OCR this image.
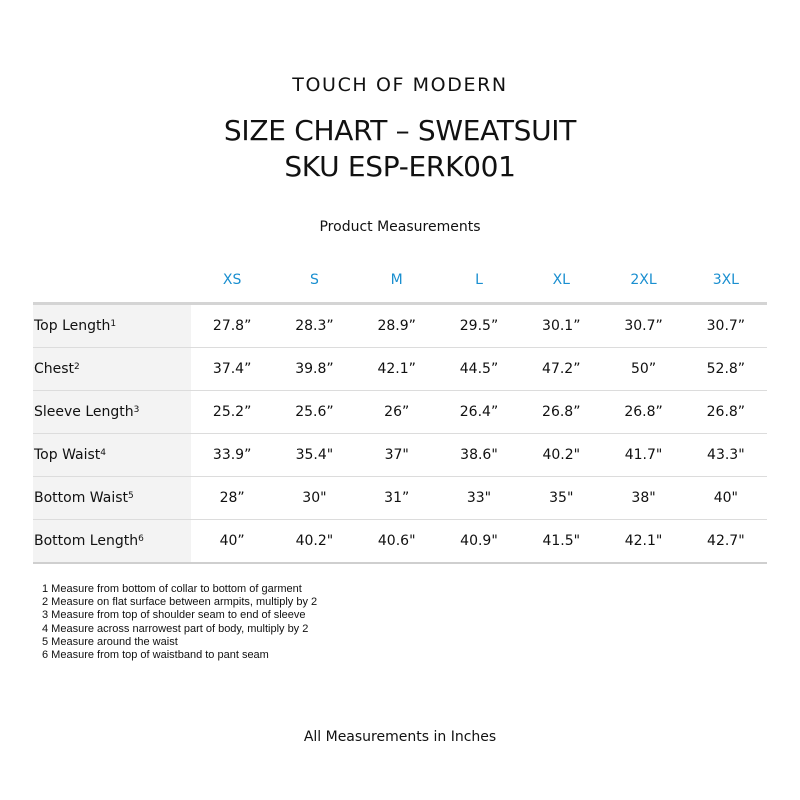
TOUCH OF MODERN
SIZE CHART – SWEATSUIT
SKU ESP-ERK001
Product Measurements
	XS	S	M	L	XL	2XL	3XL
Top Length$^1$	27.8”	28.3”	28.9”	29.5”	30.1”	30.7”	30.7”
Chest$^2$	37.4”	39.8”	42.1”	44.5”	47.2”	50”	52.8”
Sleeve Length$^3$	25.2”	25.6”	26”	26.4”	26.8”	26.8”	26.8”
Top Waist$^4$	33.9”	35.4"	37"	38.6"	40.2"	41.7"	43.3"
Bottom Waist$^5$	28”	30"	31”	33"	35"	38"	40"
Bottom Length$^6$	40”	40.2"	40.6"	40.9"	41.5"	42.1"	42.7"
1 Measure from bottom of collar to bottom of garment
2 Measure on flat surface between armpits, multiply by 2
3 Measure from top of shoulder seam to end of sleeve
4 Measure across narrowest part of body, multiply by 2
5 Measure around the waist
6 Measure from top of waistband to pant seam
All Measurements in Inches
